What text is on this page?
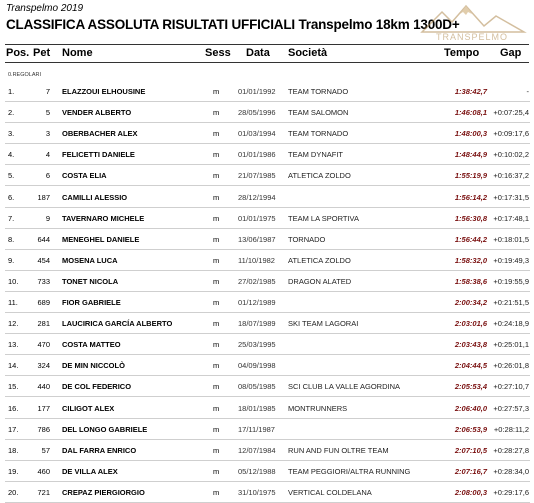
Transpelmo 2019
CLASSIFICA ASSOLUTA RISULTATI UFFICIALI Transpelmo 18km 1300D+
TRANSPELMO
Pos. Pet Nome	Sess Data Società	Tempo Gap
0.REGOLARI
1.	7 ELAZZOUI ELHOUSINE	m	01/01/1992 TEAM TORNADO	1:38:42,7	-
2.	5 VENDER ALBERTO	m	28/05/1996 TEAM SALOMON	1:46:08,1 +0:07:25,4
3.	3 OBERBACHER ALEX	m	01/03/1994 TEAM TORNADO	1:48:00,3 +0:09:17,6
4.	4 FELICETTI DANIELE	m	01/01/1986 TEAM DYNAFIT	1:48:44,9 +0:10:02,2
5.	6 COSTA ELIA	m	21/07/1985 ATLETICA ZOLDO	1:55:19,9 +0:16:37,2
6.	187 CAMILLI ALESSIO	m	28/12/1994	1:56:14,2 +0:17:31,5
7.	9 TAVERNARO MICHELE	m	01/01/1975 TEAM LA SPORTIVA	1:56:30,8 +0:17:48,1
8.	644 MENEGHEL DANIELE	m	13/06/1987 TORNADO	1:56:44,2 +0:18:01,5
9.	454 MOSENA LUCA	m	11/10/1982 ATLETICA ZOLDO	1:58:32,0 +0:19:49,3
10.	733 TONET NICOLA	m	27/02/1985 DRAGON ALATED	1:58:38,6 +0:19:55,9
11.	689 FIOR GABRIELE	m	01/12/1989	2:00:34,2 +0:21:51,5
12.	281 LAUCIRICA GARCÍA ALBERTO	m	18/07/1989 SKI TEAM LAGORAI	2:03:01,6 +0:24:18,9
13.	470 COSTA MATTEO	m	25/03/1995	2:03:43,8 +0:25:01,1
14.	324 DE MIN NICCOLÒ	m	04/09/1998	2:04:44,5 +0:26:01,8
15.	440 DE COL FEDERICO	m	08/05/1985 SCI CLUB LA VALLE AGORDINA	2:05:53,4 +0:27:10,7
16.	177 CILIGOT ALEX	m	18/01/1985 MONTRUNNERS	2:06:40,0 +0:27:57,3
17.	786 DEL LONGO GABRIELE	m	17/11/1987	2:06:53,9 +0:28:11,2
18.	57 DAL FARRA ENRICO	m	12/07/1984 RUN AND FUN OLTRE TEAM	2:07:10,5 +0:28:27,8
19.	460 DE VILLA ALEX	m	05/12/1988 TEAM PEGGIORI/ALTRA RUNNING	2:07:16,7 +0:28:34,0
20.	721 CREPAZ PIERGIORGIO	m	31/10/1975 VERTICAL COLDELANA	2:08:00,3 +0:29:17,6
